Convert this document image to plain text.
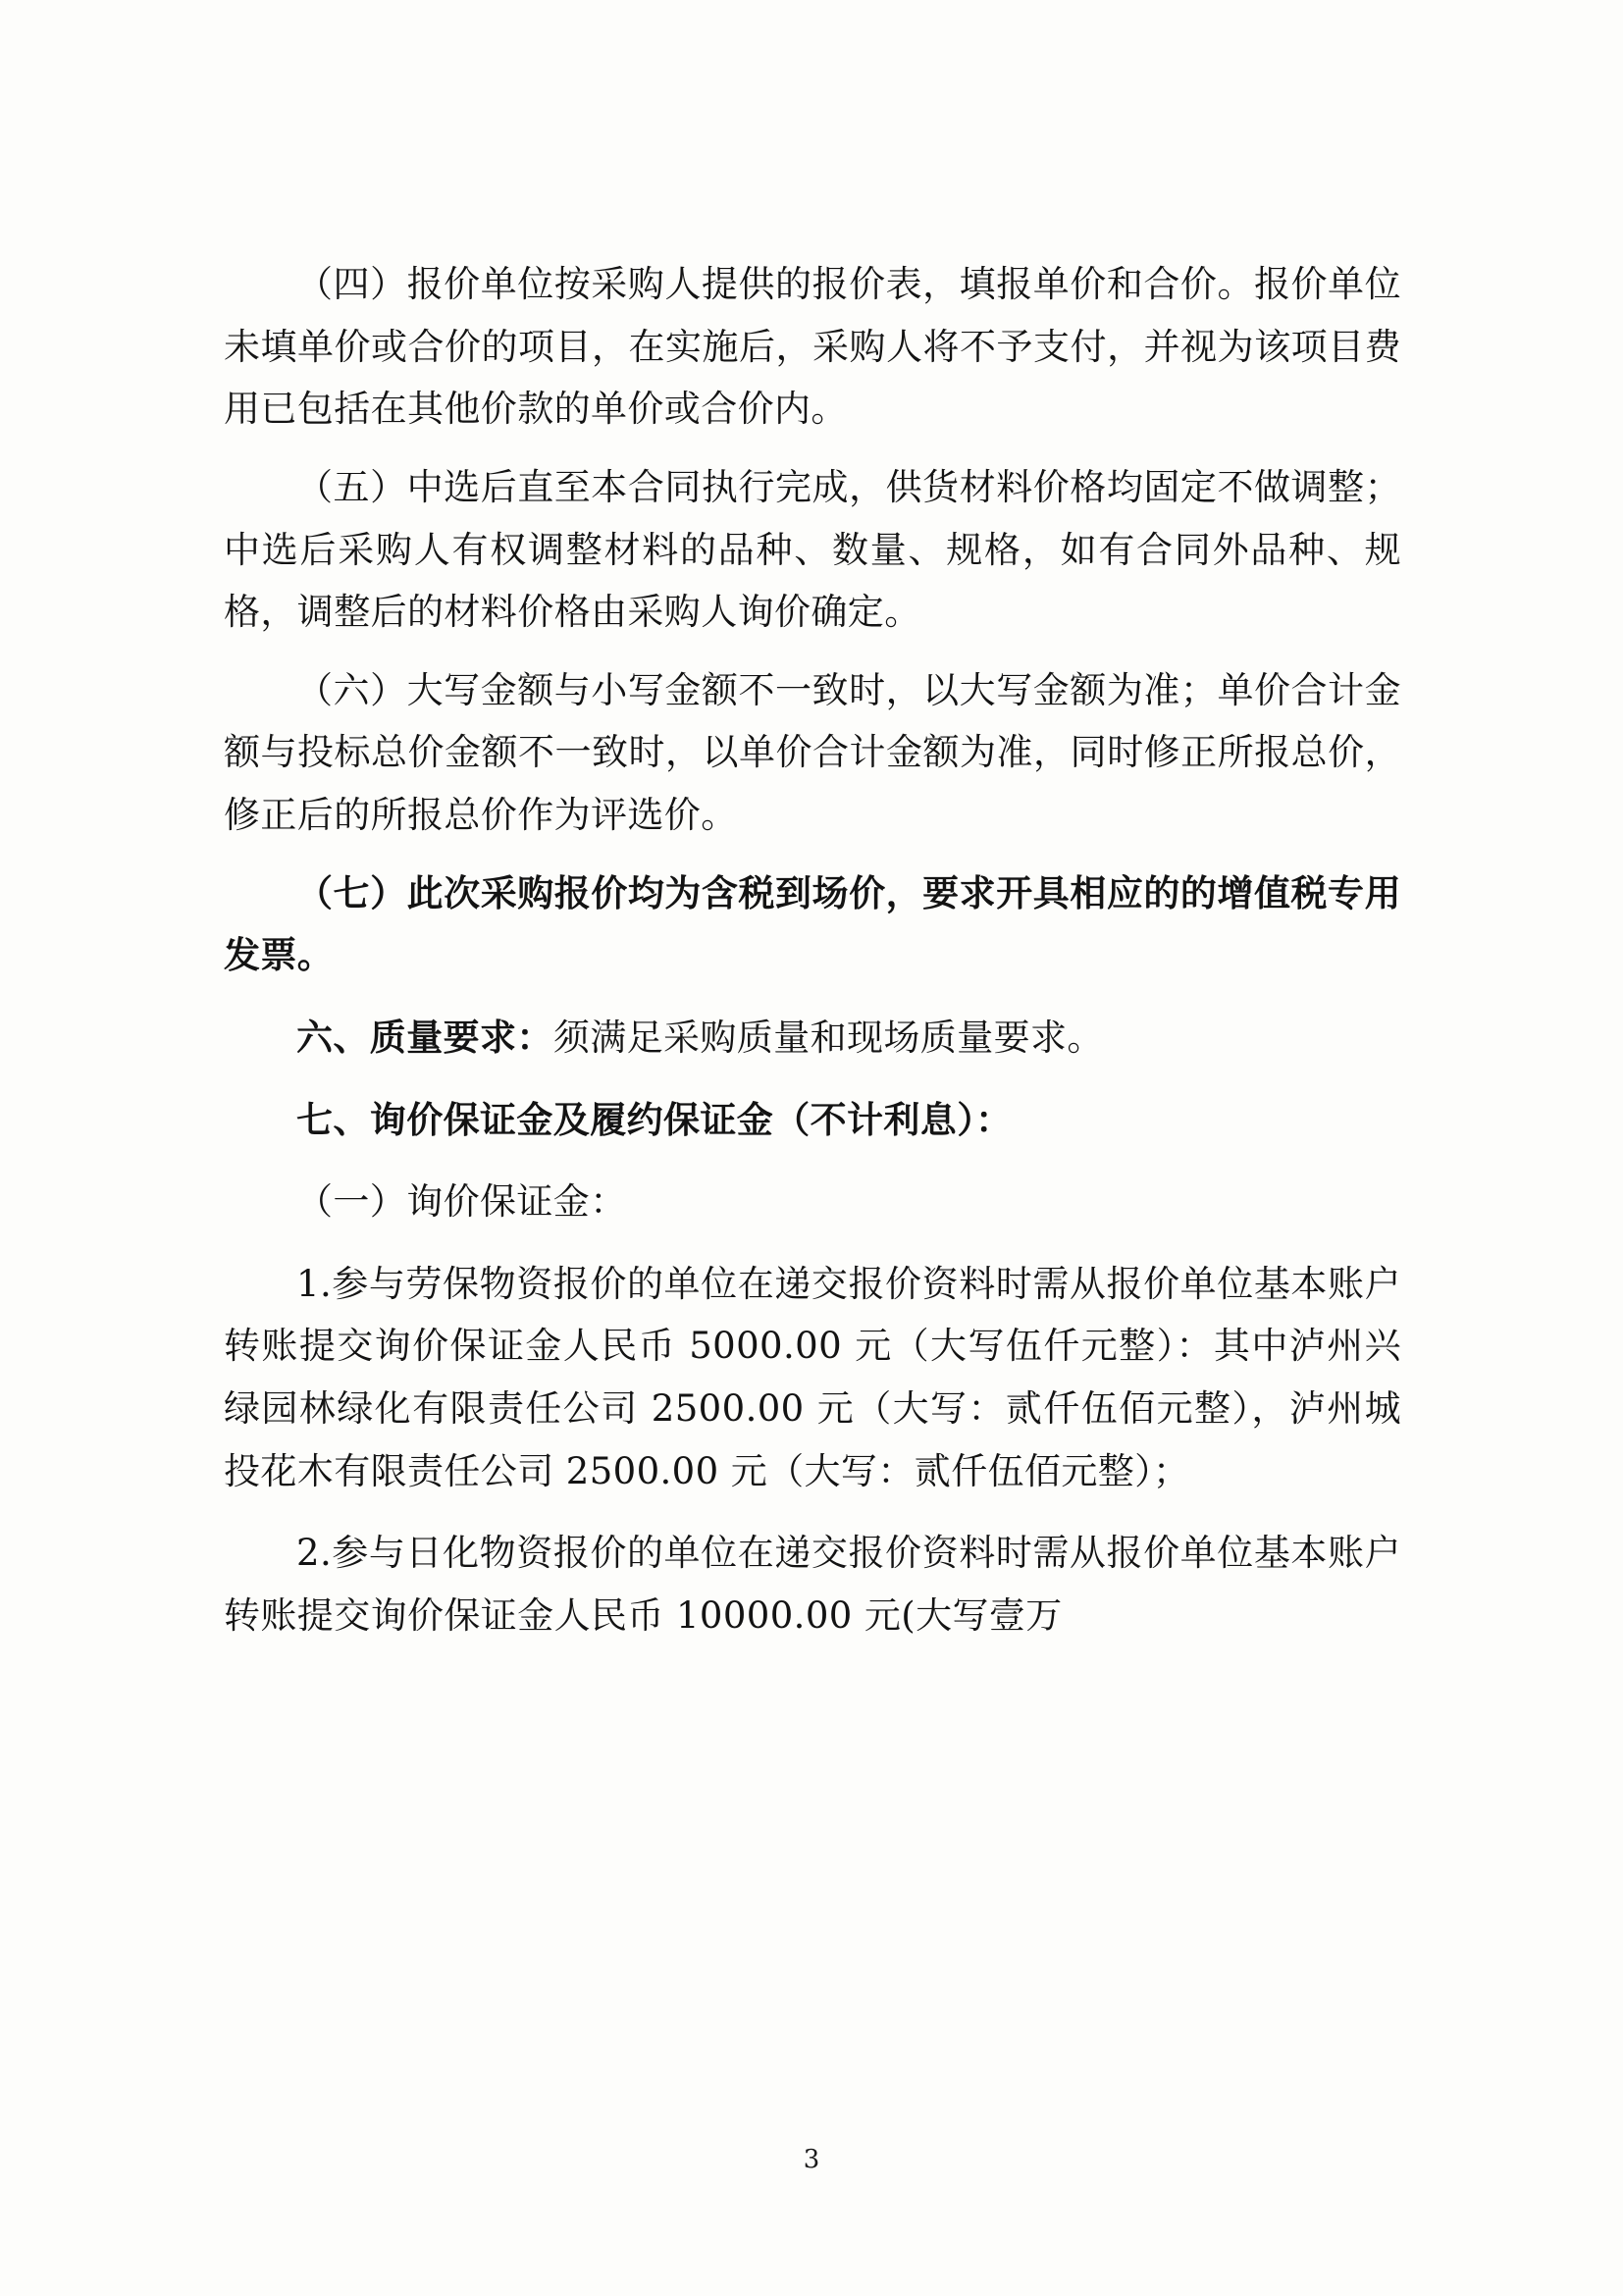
（四）报价单位按采购人提供的报价表，填报单价和合价。报价单位未填单价或合价的项目，在实施后，采购人将不予支付，并视为该项目费用已包括在其他价款的单价或合价内。

（五）中选后直至本合同执行完成，供货材料价格均固定不做调整；中选后采购人有权调整材料的品种、数量、规格，如有合同外品种、规格，调整后的材料价格由采购人询价确定。

（六）大写金额与小写金额不一致时，以大写金额为准；单价合计金额与投标总价金额不一致时，以单价合计金额为准，同时修正所报总价，修正后的所报总价作为评选价。

（七）此次采购报价均为含税到场价，要求开具相应的的增值税专用发票。

六、质量要求：须满足采购质量和现场质量要求。

七、询价保证金及履约保证金（不计利息）：

（一）询价保证金：

1.参与劳保物资报价的单位在递交报价资料时需从报价单位基本账户转账提交询价保证金人民币 5000.00 元（大写伍仟元整）：其中泸州兴绿园林绿化有限责任公司 2500.00 元（大写：贰仟伍佰元整），泸州城投花木有限责任公司 2500.00 元（大写：贰仟伍佰元整）；

2.参与日化物资报价的单位在递交报价资料时需从报价单位基本账户转账提交询价保证金人民币 10000.00 元(大写壹万

3
